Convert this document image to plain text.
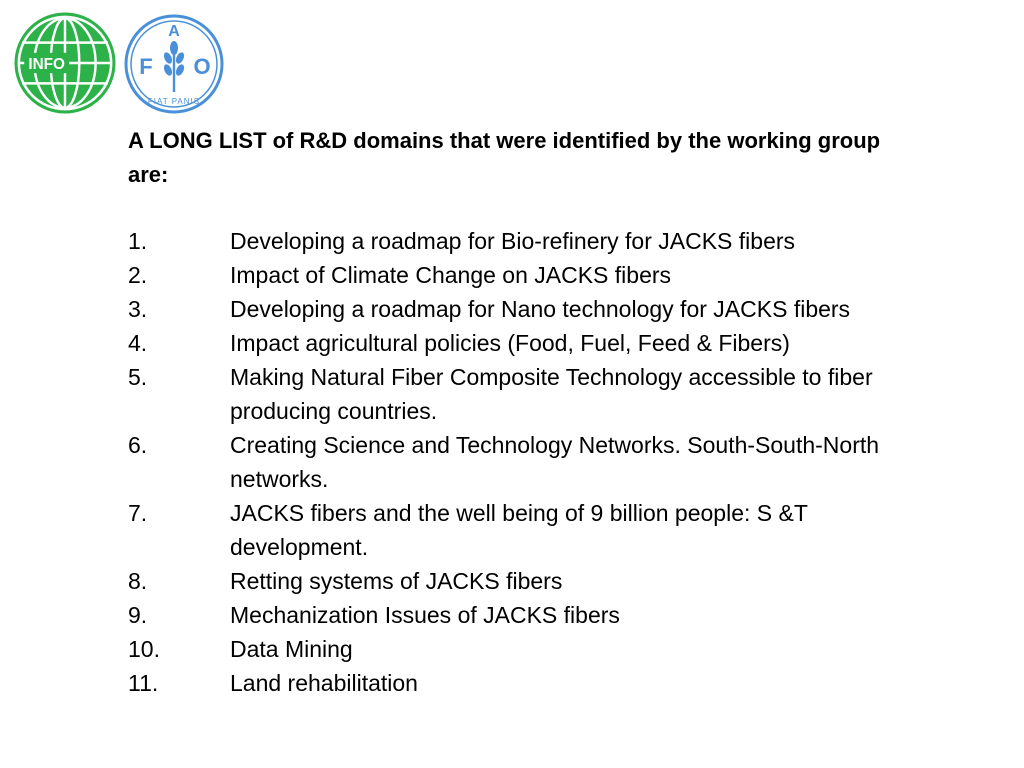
INFO	F
A
O
FIAT PANIS

A LONG LIST of R&D domains that were identified by the working group are:

1.	Developing a roadmap for Bio-refinery for JACKS fibers
2.	Impact of Climate Change on JACKS fibers
3.	Developing a roadmap for Nano technology for JACKS fibers
4.	Impact agricultural policies (Food, Fuel, Feed & Fibers)
5.	Making Natural Fiber Composite Technology accessible to fiber producing countries.
6.	Creating Science and Technology Networks. South-South-North networks.
7.	JACKS fibers and the well being of 9 billion people: S &T development.
8.	Retting systems of JACKS fibers
9.	Mechanization Issues of JACKS fibers
10.	Data Mining
11.	Land rehabilitation
